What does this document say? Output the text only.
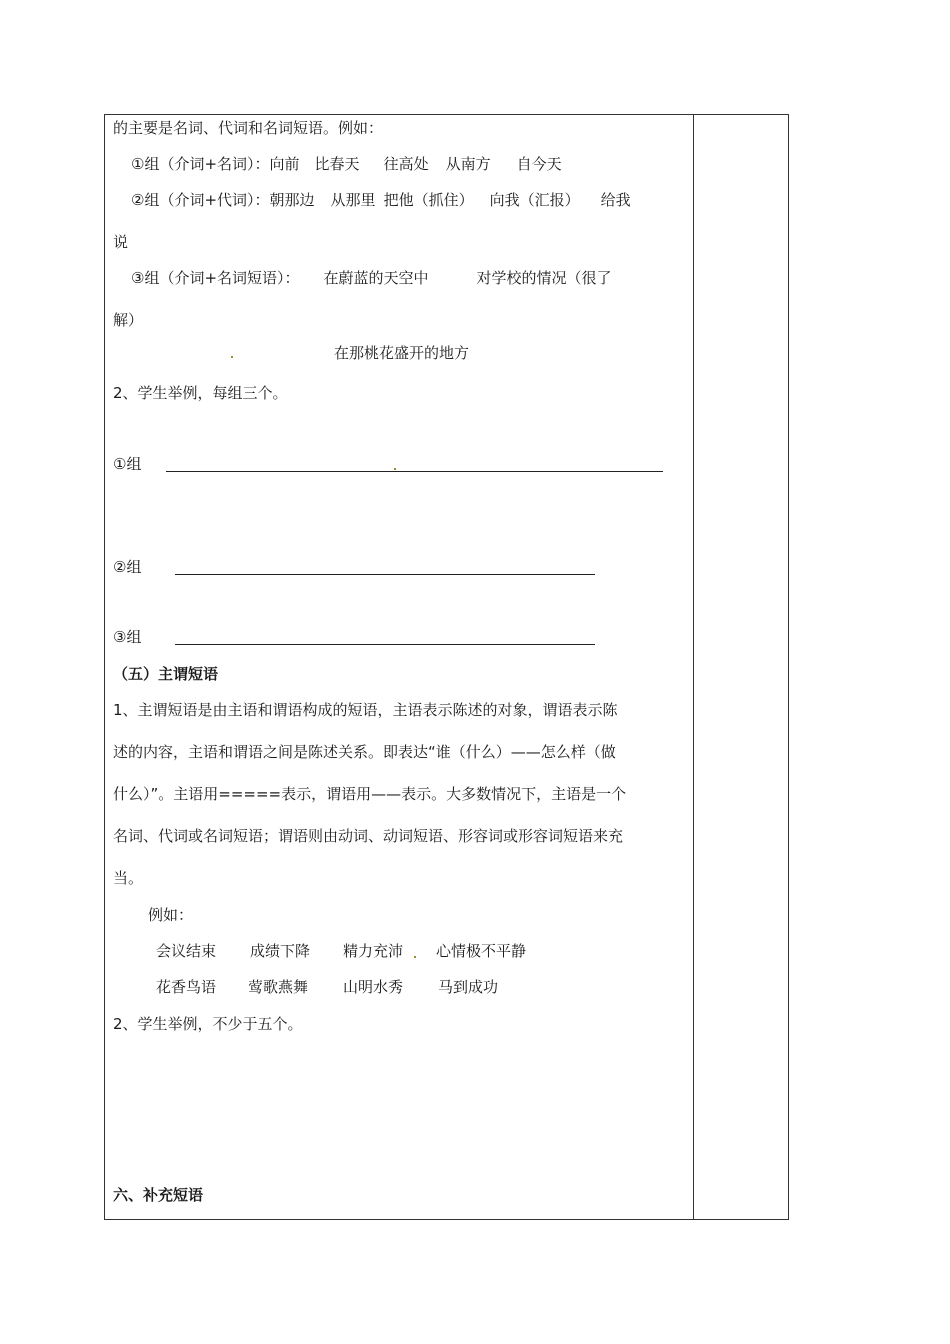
的主要是名词、代词和名词短语。例如：
①组（介词+名词）：向前 比春天 往高处 从南方 自今天
②组（介词+代词）：朝那边 从那里 把他（抓住） 向我（汇报） 给我
说
③组（介词+名词短语）： 在蔚蓝的天空中	对学校的情况（很了
解）
在那桃花盛开的地方
2、学生举例，每组三个。
①组
②组
③组
（五）主谓短语
1、主谓短语是由主语和谓语构成的短语，主语表示陈述的对象，谓语表示陈
述的内容，主语和谓语之间是陈述关系。即表达“谁（什么）——怎么样（做
什么）”。主语用=====表示，谓语用——表示。大多数情况下，主语是一个
名词、代词或名词短语；谓语则由动词、动词短语、形容词或形容词短语来充
当。
例如：
会议结束 成绩下降 精力充沛 心情极不平静
花香鸟语 莺歌燕舞 山明水秀 马到成功
2、学生举例，不少于五个。
六、补充短语
